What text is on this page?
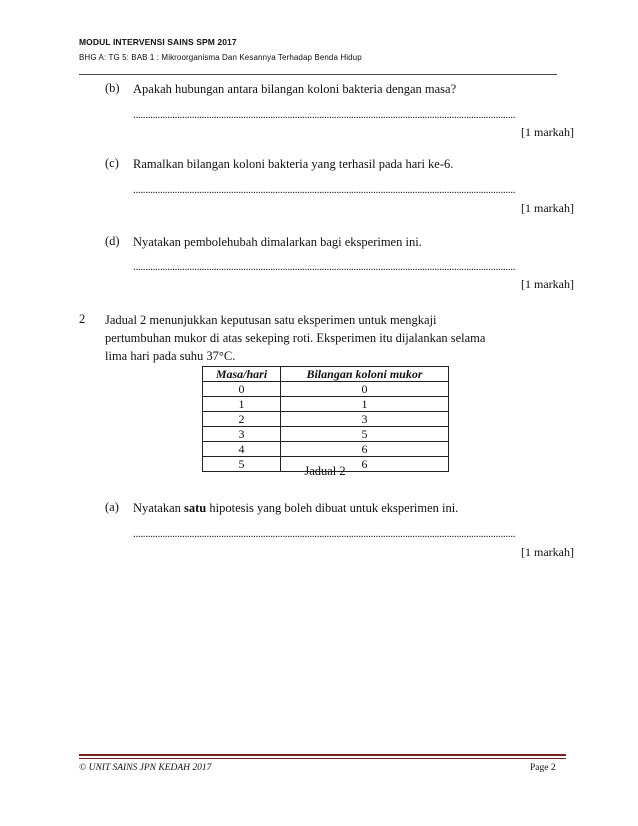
MODUL INTERVENSI SAINS SPM 2017
BHG A: TG 5: BAB 1 : Mikroorganisma Dan Kesannya Terhadap Benda Hidup
(b) Apakah hubungan antara bilangan koloni bakteria dengan masa?
............................................................................................................................................................
[1 markah]
(c) Ramalkan bilangan koloni bakteria yang terhasil pada hari ke-6.
............................................................................................................................................................
[1 markah]
(d) Nyatakan pembolehubah dimalarkan bagi eksperimen ini.
............................................................................................................................................................
[1 markah]
2 Jadual 2 menunjukkan keputusan satu eksperimen untuk mengkaji pertumbuhan mukor di atas sekeping roti. Eksperimen itu dijalankan selama lima hari pada suhu 37°C.
Masa/hari	Bilangan koloni mukor
0	0
1	1
2	3
3	5
4	6
5	6
Jadual 2
(a) Nyatakan satu hipotesis yang boleh dibuat untuk eksperimen ini.
............................................................................................................................................................
[1 markah]
© UNIT SAINS JPN KEDAH 2017	Page 2
